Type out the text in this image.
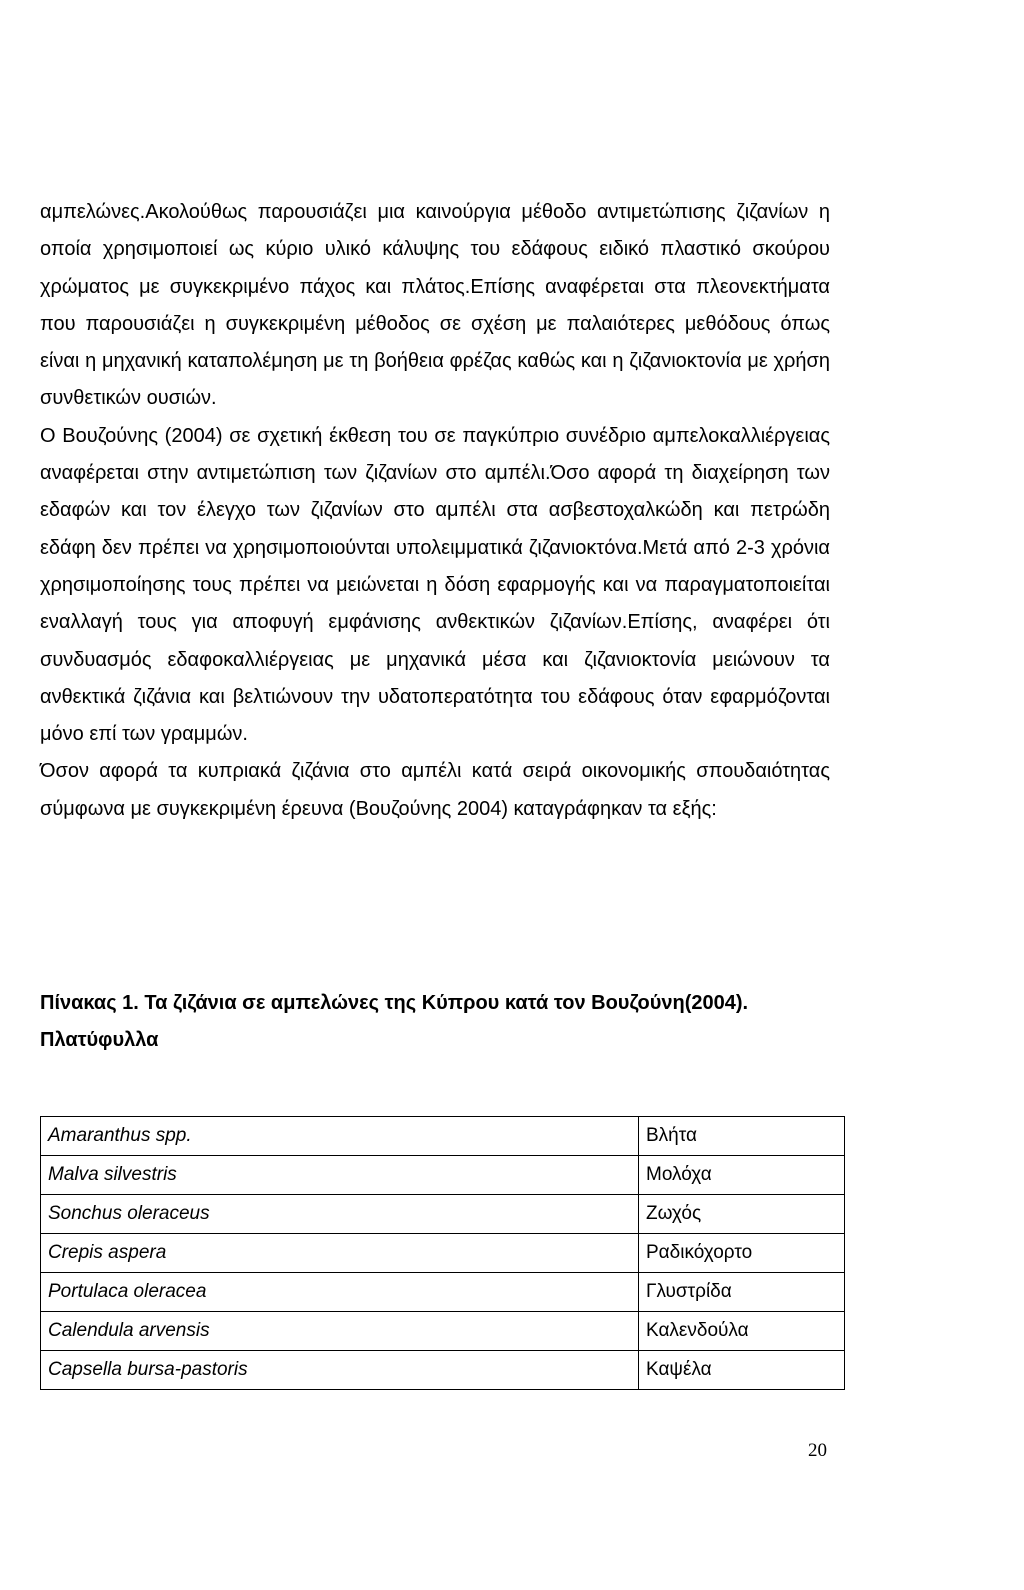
αμπελώνες.Ακολούθως παρουσιάζει μια καινούργια μέθοδο αντιμετώπισης ζιζανίων η οποία χρησιμοποιεί ως κύριο υλικό κάλυψης του εδάφους ειδικό πλαστικό σκούρου χρώματος με συγκεκριμένο πάχος και πλάτος.Επίσης αναφέρεται στα πλεονεκτήματα που παρουσιάζει η συγκεκριμένη μέθοδος σε σχέση με παλαιότερες μεθόδους όπως είναι η μηχανική καταπολέμηση με τη βοήθεια φρέζας καθώς και η ζιζανιοκτονία με χρήση συνθετικών ουσιών.
Ο Βουζούνης (2004) σε σχετική έκθεση του σε παγκύπριο συνέδριο αμπελοκαλλιέργειας αναφέρεται στην αντιμετώπιση των ζιζανίων στο αμπέλι.Όσο αφορά τη διαχείρηση των εδαφών και τον έλεγχο των ζιζανίων στο αμπέλι στα ασβεστοχαλκώδη και πετρώδη εδάφη δεν πρέπει να χρησιμοποιούνται υπολειμματικά ζιζανιοκτόνα.Μετά από 2-3 χρόνια χρησιμοποίησης τους πρέπει να μειώνεται η δόση εφαρμογής και να παραγματοποιείται εναλλαγή τους για αποφυγή εμφάνισης ανθεκτικών ζιζανίων.Επίσης, αναφέρει ότι συνδυασμός εδαφοκαλλιέργειας με μηχανικά μέσα και ζιζανιοκτονία μειώνουν τα ανθεκτικά ζιζάνια και βελτιώνουν την υδατοπερατότητα του εδάφους όταν εφαρμόζονται μόνο επί των γραμμών.
Όσον αφορά τα κυπριακά ζιζάνια στο αμπέλι κατά σειρά οικονομικής σπουδαιότητας σύμφωνα με συγκεκριμένη έρευνα (Βουζούνης 2004) καταγράφηκαν τα εξής:
Πίνακας 1. Τα ζιζάνια σε αμπελώνες της Κύπρου κατά τον Βουζούνη(2004).
Πλατύφυλλα
Amaranthus spp.	Βλήτα
Malva silvestris	Μολόχα
Sonchus oleraceus	Ζωχός
Crepis aspera	Ραδικόχορτο
Portulaca oleracea	Γλυστρίδα
Calendula arvensis	Καλενδούλα
Capsella bursa-pastoris	Καψέλα
20
